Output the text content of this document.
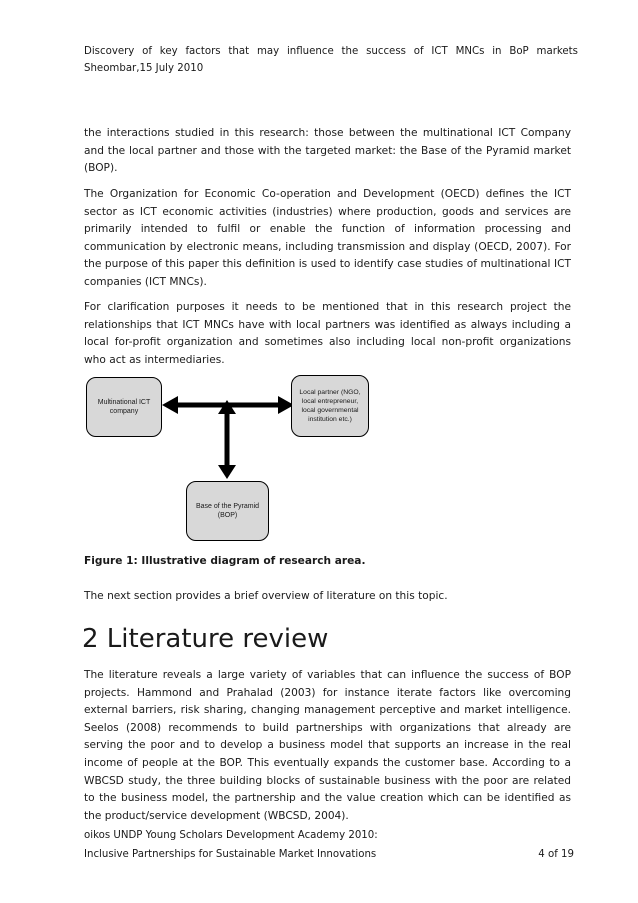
Discovery of key factors that may influence the success of ICT MNCs in BoP markets Sheombar,15 July 2010

the interactions studied in this research: those between the multinational ICT Company and the local partner and those with the targeted market: the Base of the Pyramid market (BOP).

The Organization for Economic Co-operation and Development (OECD) defines the ICT sector as ICT economic activities (industries) where production, goods and services are primarily intended to fulfil or enable the function of information processing and communication by electronic means, including transmission and display (OECD, 2007). For the purpose of this paper this definition is used to identify case studies of multinational ICT companies (ICT MNCs).

For clarification purposes it needs to be mentioned that in this research project the relationships that ICT MNCs have with local partners was identified as always including a local for-profit organization and sometimes also including local non-profit organizations who act as intermediaries.

Multinational ICT company
Local partner (NGO, local entrepreneur, local governmental institution etc.)
Base of the Pyramid (BOP)
Figure 1: Illustrative diagram of research area.
The next section provides a brief overview of literature on this topic.
2 Literature review

The literature reveals a large variety of variables that can influence the success of BOP projects. Hammond and Prahalad (2003) for instance iterate factors like overcoming external barriers, risk sharing, changing management perceptive and market intelligence. Seelos (2008) recommends to build partnerships with organizations that already are serving the poor and to develop a business model that supports an increase in the real income of people at the BOP. This eventually expands the customer base. According to a WBCSD study, the three building blocks of sustainable business with the poor are related to the business model, the partnership and the value creation which can be identified as the product/service development (WBCSD, 2004).

oikos UNDP Young Scholars Development Academy 2010:
Inclusive Partnerships for Sustainable Market Innovations	4 of 19
